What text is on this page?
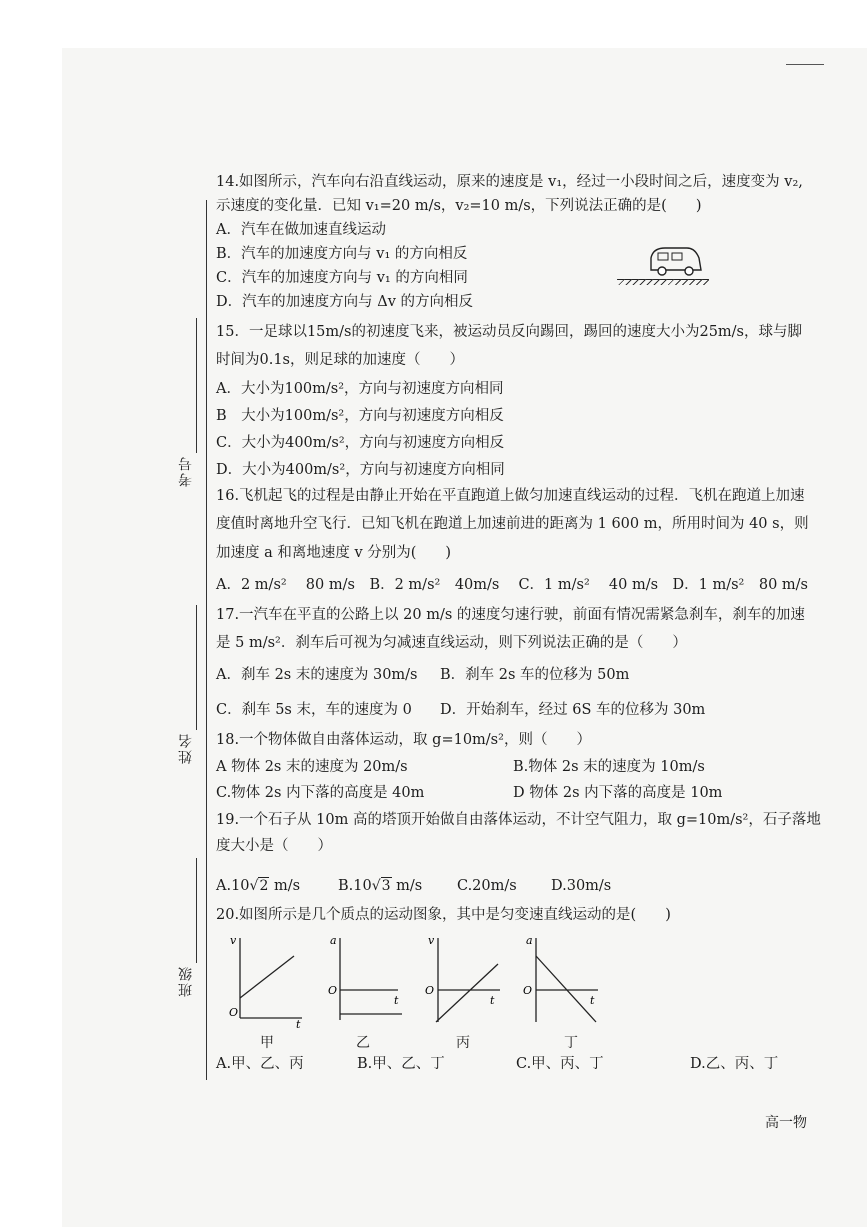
考号
姓名
班级
14.如图所示，汽车向右沿直线运动，原来的速度是 v₁，经过一小段时间之后，速度变为 v₂,
示速度的变化量．已知 v₁=20 m/s，v₂=10 m/s，下列说法正确的是(　　)
A．汽车在做加速直线运动
B．汽车的加速度方向与 v₁ 的方向相反
C．汽车的加速度方向与 v₁ 的方向相同
D．汽车的加速度方向与 Δv 的方向相反
15．一足球以15m/s的初速度飞来，被运动员反向踢回，踢回的速度大小为25m/s，球与脚
时间为0.1s，则足球的加速度（　　）
A．大小为100m/s²，方向与初速度方向相同
B　大小为100m/s²，方向与初速度方向相反
C．大小为400m/s²，方向与初速度方向相反
D．大小为400m/s²，方向与初速度方向相同
16.飞机起飞的过程是由静止开始在平直跑道上做匀加速直线运动的过程．飞机在跑道上加速
度值时离地升空飞行．已知飞机在跑道上加速前进的距离为 1 600 m，所用时间为 40 s，则
加速度 a 和离地速度 v 分别为(　　)
A．2 m/s²　 80 m/s　B．2 m/s²　40m/s　 C．1 m/s²　 40 m/s　D．1 m/s²　80 m/s
17.一汽车在平直的公路上以 20 m/s 的速度匀速行驶，前面有情况需紧急刹车，刹车的加速
是 5 m/s²．刹车后可视为匀减速直线运动，则下列说法正确的是（　　）
A．刹车 2s 末的速度为 30m/s B．刹车 2s 车的位移为 50m
C．刹车 5s 末，车的速度为 0 D．开始刹车，经过 6S 车的位移为 30m
18.一个物体做自由落体运动，取 g=10m/s²，则（　　）
A 物体 2s 末的速度为 20m/s	B.物体 2s 末的速度为 10m/s
C.物体 2s 内下落的高度是 40m	D 物体 2s 内下落的高度是 10m
19.一个石子从 10m 高的塔顶开始做自由落体运动，不计空气阻力，取 g=10m/s²，石子落地
度大小是（　　）
A.10√2 m/s	B.10√3 m/s C.20m/s D.30m/s
20.如图所示是几个质点的运动图象，其中是匀变速直线运动的是(　　)
v
t
O
甲
a
t
O
乙
v
t
O
丙
a
t
O
丁
A.甲、乙、丙	B.甲、乙、丁	C.甲、丙、丁	D.乙、丙、丁
高一物
